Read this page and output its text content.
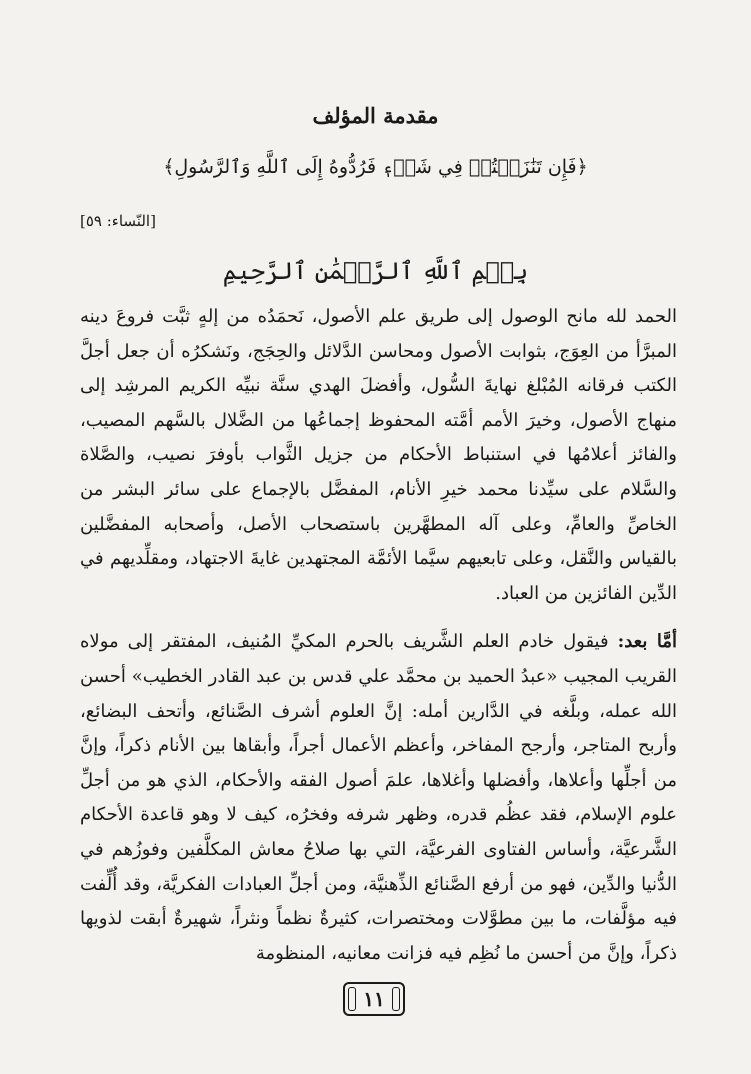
مقدمة المؤلف
﴿فَإِن تَنَٰزَعۡتُمۡ فِي شَيۡءٖ فَرُدُّوهُ إِلَى ٱللَّهِ وَٱلرَّسُولِ﴾
[النّساء: ٥٩]
بِسۡمِ ٱللَّهِ ٱلرَّحۡمَٰنِ ٱلرَّحِيمِ

الحمد لله مانح الوصول إلى طريق علم الأصول، نَحمَدُه من إلهٍ ثبَّت فروعَ دينه المبرَّأ من العِوَج، بثوابت الأصول ومحاسن الدَّلائل والحِجَج، ونَشكرُه أن جعل أجلَّ الكتب فرقانه المُبْلغ نهايةَ السُّول، وأفضلَ الهدي سنَّة نبيِّه الكريم المرشِد إلى منهاج الأصول، وخيرَ الأمم أمَّته المحفوظ إجماعُها من الضَّلال بالسَّهم المصيب، والفائز أعلامُها في استنباط الأحكام من جزيل الثَّواب بأوفرَ نصيب، والصَّلاة والسَّلام على سيِّدنا محمد خيرِ الأنام، المفضَّل بالإجماع على سائر البشر من الخاصِّ والعامِّ، وعلى آله المطهَّرين باستصحاب الأصل، وأصحابه المفضَّلين بالقياس والنَّقل، وعلى تابعيهم سيَّما الأئمَّة المجتهدين غايةَ الاجتهاد، ومقلِّديهم في الدِّين الفائزين من العباد.

أمَّا بعد: فيقول خادم العلم الشَّريف بالحرم المكيِّ المُنيف، المفتقر إلى مولاه القريب المجيب «عبدُ الحميد بن محمَّد علي قدس بن عبد القادر الخطيب» أحسن الله عمله، وبلَّغه في الدَّارين أمله: إنَّ العلوم أشرف الصَّنائع، وأتحف البضائع، وأربح المتاجر، وأرجح المفاخر، وأعظم الأعمال أجراً، وأبقاها بين الأنام ذكراً، وإنَّ من أجلِّها وأعلاها، وأفضلها وأغلاها، علمَ أصول الفقه والأحكام، الذي هو من أجلِّ علوم الإسلام، فقد عظُم قدره، وظهر شرفه وفخرُه، كيف لا وهو قاعدة الأحكام الشَّرعيَّة، وأساس الفتاوى الفرعيَّة، التي بها صلاحُ معاش المكلَّفين وفوزُهم في الدُّنيا والدِّين، فهو من أرفع الصَّنائع الذِّهنيَّة، ومن أجلِّ العبادات الفكريَّة، وقد أُلِّفت فيه مؤلَّفات، ما بين مطوَّلات ومختصرات، كثيرةٌ نظماً ونثراً، شهيرةٌ أبقت لذويها ذكراً، وإنَّ من أحسن ما نُظِم فيه فزانت معانيه، المنظومة

١١
